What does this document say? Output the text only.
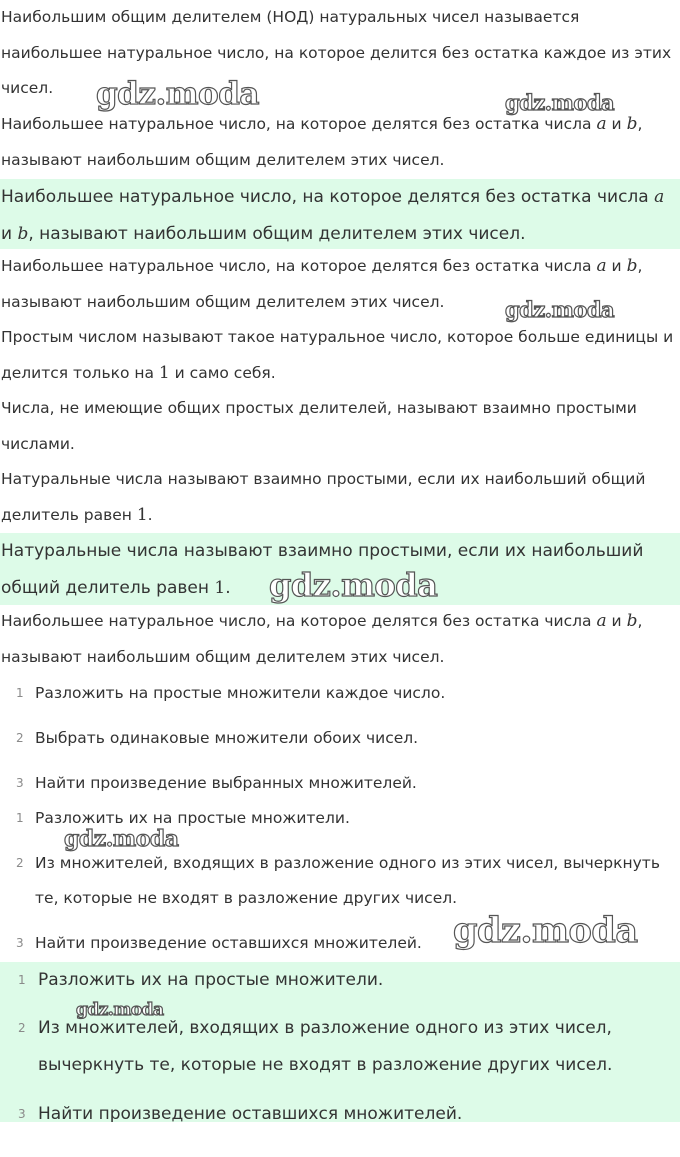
Наибольшим общим делителем (НОД) натуральных чисел называется наибольшее натуральное число, на которое делится без остатка каждое из этих чисел.
Наибольшее натуральное число, на которое делятся без остатка числа a и b, называют наибольшим общим делителем этих чисел.
Наибольшее натуральное число, на которое делятся без остатка числа a и b, называют наибольшим общим делителем этих чисел.
Наибольшее натуральное число, на которое делятся без остатка числа a и b, называют наибольшим общим делителем этих чисел.
Простым числом называют такое натуральное число, которое больше единицы и делится только на 1 и само себя.
Числа, не имеющие общих простых делителей, называют взаимно простыми числами.
Натуральные числа называют взаимно простыми, если их наибольший общий делитель равен 1.
Натуральные числа называют взаимно простыми, если их наибольший общий делитель равен 1.
Наибольшее натуральное число, на которое делятся без остатка числа a и b, называют наибольшим общим делителем этих чисел.
1 Разложить на простые множители каждое число.
2 Выбрать одинаковые множители обоих чисел.
3 Найти произведение выбранных множителей.
1 Разложить их на простые множители.
2 Из множителей, входящих в разложение одного из этих чисел, вычеркнуть те, которые не входят в разложение других чисел.
3 Найти произведение оставшихся множителей.
1 Разложить их на простые множители.
2 Из множителей, входящих в разложение одного из этих чисел, вычеркнуть те, которые не входят в разложение других чисел.
3 Найти произведение оставшихся множителей.
gdz.moda	gdz.moda
gdz.moda
gdz.moda
gdz.moda
gdz.moda
gdz.moda
